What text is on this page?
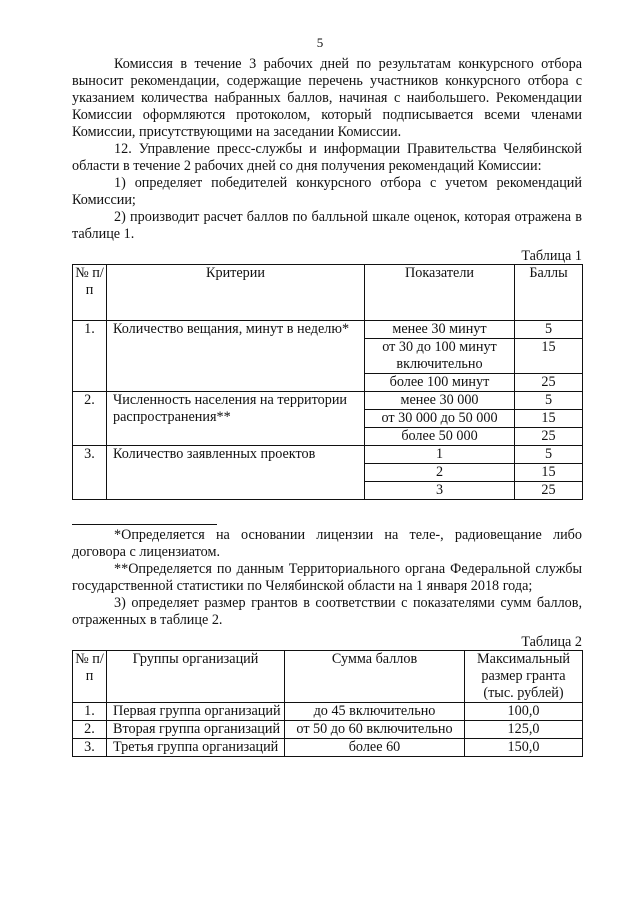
5

Комиссия в течение 3 рабочих дней по результатам конкурсного отбора выносит рекомендации, содержащие перечень участников конкурсного отбора с указанием количества набранных баллов, начиная с наибольшего. Рекомендации Комиссии оформляются протоколом, который подписывается всеми членами Комиссии, присутствующими на заседании Комиссии.

12. Управление пресс-службы и информации Правительства Челябинской области в течение 2 рабочих дней со дня получения рекомендаций Комиссии:

1) определяет победителей конкурсного отбора с учетом рекомендаций Комиссии;

2) производит расчет баллов по балльной шкале оценок, которая отражена в таблице 1.

Таблица 1
№ п/п	Критерии	Показатели	Баллы
1.	Количество вещания, минут в неделю*	менее 30 минут	5
		от 30 до 100 минут включительно	15
		более 100 минут	25
2.	Численность населения на территории распространения**	менее 30 000	5
		от 30 000 до 50 000	15
		более 50 000	25
3.	Количество заявленных проектов	1	5
		2	15
		3	25

*Определяется на основании лицензии на теле-, радиовещание либо договора с лицензиатом.

**Определяется по данным Территориального органа Федеральной службы государственной статистики по Челябинской области на 1 января 2018 года;

3) определяет размер грантов в соответствии с показателями сумм баллов, отраженных в таблице 2.

Таблица 2
№ п/п	Группы организаций	Сумма баллов	Максимальный размер гранта (тыс. рублей)
1.	Первая группа организаций	до 45 включительно	100,0
2.	Вторая группа организаций	от 50 до 60 включительно	125,0
3.	Третья группа организаций	более 60	150,0
